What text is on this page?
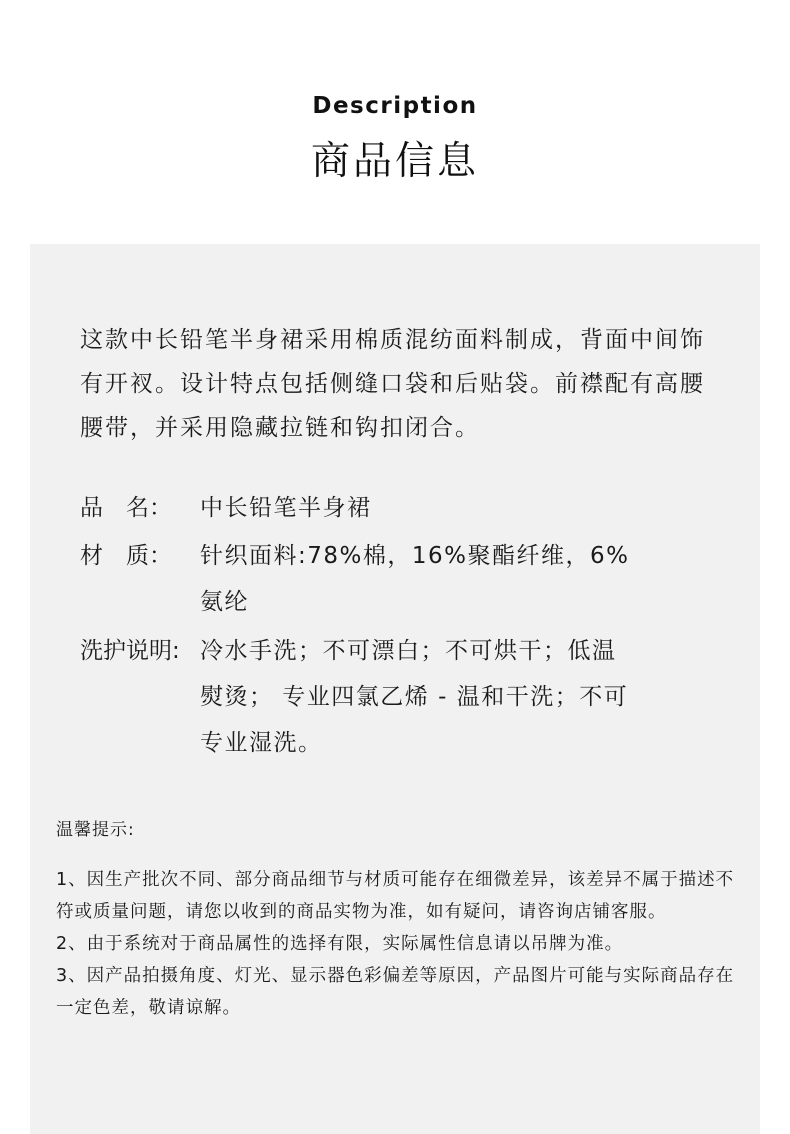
Description
商品信息
这款中长铅笔半身裙采用棉质混纺面料制成，背面中间饰有开衩。设计特点包括侧缝口袋和后贴袋。前襟配有高腰腰带，并采用隐藏拉链和钩扣闭合。
品　名：	中长铅笔半身裙
材　质：	针织面料:78%棉，16%聚酯纤维，6%氨纶
洗护说明: 冷水手洗；不可漂白；不可烘干；低温熨烫； 专业四氯乙烯 - 温和干洗；不可专业湿洗。
温馨提示:

1、因生产批次不同、部分商品细节与材质可能存在细微差异，该差异不属于描述不符或质量问题，请您以收到的商品实物为准，如有疑问，请咨询店铺客服。

2、由于系统对于商品属性的选择有限，实际属性信息请以吊牌为准。

3、因产品拍摄角度、灯光、显示器色彩偏差等原因，产品图片可能与实际商品存在一定色差，敬请谅解。
